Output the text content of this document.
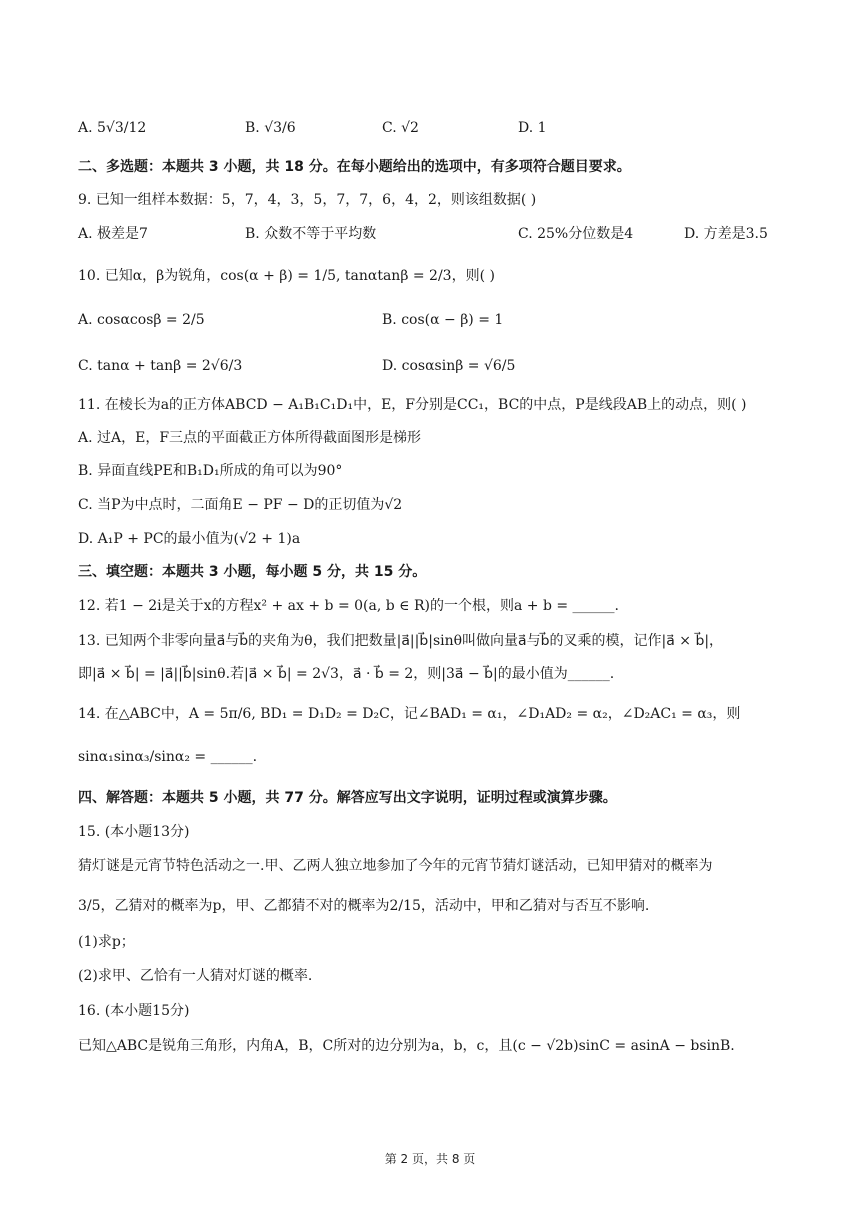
A. 5√3/12	B. √3/6	C. √2	D. 1
二、多选题：本题共 3 小题，共 18 分。在每小题给出的选项中，有多项符合题目要求。
9. 已知一组样本数据：5，7，4，3，5，7，7，6，4，2，则该组数据( )
A. 极差是7	B. 众数不等于平均数	C. 25%分位数是4	D. 方差是3.5
10. 已知α，β为锐角，cos(α + β) = 1/5, tanαtanβ = 2/3，则( )
A. cosαcosβ = 2/5	B. cos(α − β) = 1
C. tanα + tanβ = 2√6/3	D. cosαsinβ = √6/5
11. 在棱长为a的正方体ABCD − A₁B₁C₁D₁中，E，F分别是CC₁，BC的中点，P是线段AB上的动点，则( )
A. 过A，E，F三点的平面截正方体所得截面图形是梯形
B. 异面直线PE和B₁D₁所成的角可以为90°
C. 当P为中点时，二面角E − PF − D的正切值为√2
D. A₁P + PC的最小值为(√2 + 1)a
三、填空题：本题共 3 小题，每小题 5 分，共 15 分。
12. 若1 − 2i是关于x的方程x² + ax + b = 0(a, b ∈ R)的一个根，则a + b = ______.
13. 已知两个非零向量a⃗与b⃗的夹角为θ，我们把数量|a⃗||b⃗|sinθ叫做向量a⃗与b⃗的叉乘的模，记作|a⃗ × b⃗|，
即|a⃗ × b⃗| = |a⃗||b⃗|sinθ.若|a⃗ × b⃗| = 2√3，a⃗ · b⃗ = 2，则|3a⃗ − b⃗|的最小值为______.
14. 在△ABC中，A = 5π/6, BD₁ = D₁D₂ = D₂C，记∠BAD₁ = α₁，∠D₁AD₂ = α₂，∠D₂AC₁ = α₃，则
sinα₁sinα₃/sinα₂ = ______.
四、解答题：本题共 5 小题，共 77 分。解答应写出文字说明，证明过程或演算步骤。
15. (本小题13分)
猜灯谜是元宵节特色活动之一.甲、乙两人独立地参加了今年的元宵节猜灯谜活动，已知甲猜对的概率为
3/5，乙猜对的概率为p，甲、乙都猜不对的概率为2/15，活动中，甲和乙猜对与否互不影响.
(1)求p；
(2)求甲、乙恰有一人猜对灯谜的概率.
16. (本小题15分)
已知△ABC是锐角三角形，内角A，B，C所对的边分别为a，b，c，且(c − √2b)sinC = asinA − bsinB.
第 2 页，共 8 页
